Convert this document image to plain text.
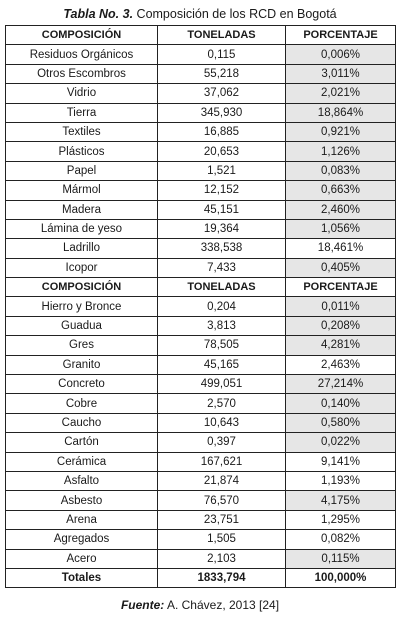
Tabla No. 3. Composición de los RCD en Bogotá
COMPOSICIÓN	TONELADAS	PORCENTAJE
Residuos Orgánicos	0,115	0,006%
Otros Escombros	55,218	3,011%
Vidrio	37,062	2,021%
Tierra	345,930	18,864%
Textiles	16,885	0,921%
Plásticos	20,653	1,126%
Papel	1,521	0,083%
Mármol	12,152	0,663%
Madera	45,151	2,460%
Lámina de yeso	19,364	1,056%
Ladrillo	338,538	18,461%
Icopor	7,433	0,405%
COMPOSICIÓN	TONELADAS	PORCENTAJE
Hierro y Bronce	0,204	0,011%
Guadua	3,813	0,208%
Gres	78,505	4,281%
Granito	45,165	2,463%
Concreto	499,051	27,214%
Cobre	2,570	0,140%
Caucho	10,643	0,580%
Cartón	0,397	0,022%
Cerámica	167,621	9,141%
Asfalto	21,874	1,193%
Asbesto	76,570	4,175%
Arena	23,751	1,295%
Agregados	1,505	0,082%
Acero	2,103	0,115%
Totales	1833,794	100,000%
Fuente: A. Chávez, 2013 [24]
